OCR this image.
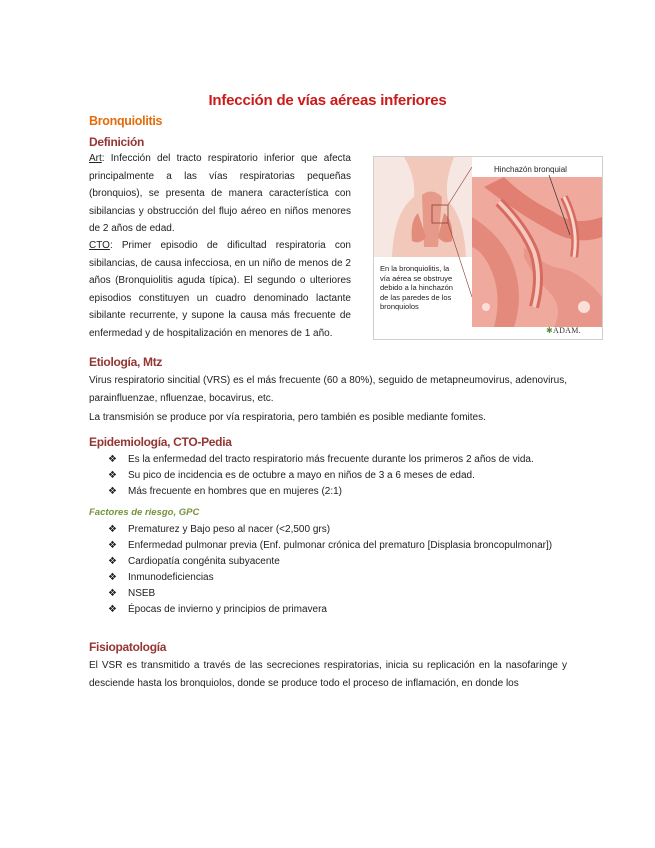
Infección de vías aéreas inferiores
Bronquiolitis
Definición
Art: Infección del tracto respiratorio inferior que afecta principalmente a las vías respiratorias pequeñas (bronquios), se presenta de manera característica con sibilancias y obstrucción del flujo aéreo en niños menores de 2 años de edad.
CTO: Primer episodio de dificultad respiratoria con sibilancias, de causa infecciosa, en un niño de menos de 2 años (Bronquiolitis aguda típica). El segundo o ulteriores episodios constituyen un cuadro denominado lactante sibilante recurrente, y supone la causa más frecuente de enfermedad y de hospitalización en menores de 1 año.
Hinchazón bronquial
En la bronquiolitis, la vía aérea se obstruye debido a la hinchazón de las paredes de los bronquiolos
✱ADAM.
Etiología, Mtz
Virus respiratorio sincitial (VRS) es el más frecuente (60 a 80%), seguido de metapneumovirus, adenovirus, parainfluenzae, nfluenzae, bocavirus, etc.
La transmisión se produce por vía respiratoria, pero también es posible mediante fomites.
Epidemiología, CTO-Pedia
❖ Es la enfermedad del tracto respiratorio más frecuente durante los primeros 2 años de vida.
❖ Su pico de incidencia es de octubre a mayo en niños de 3 a 6 meses de edad.
❖ Más frecuente en hombres que en mujeres (2:1)
Factores de riesgo, GPC
❖ Prematurez y Bajo peso al nacer (<2,500 grs)
❖ Enfermedad pulmonar previa (Enf. pulmonar crónica del prematuro [Displasia broncopulmonar])
❖ Cardiopatía congénita subyacente
❖ Inmunodeficiencias
❖ NSEB
❖ Épocas de invierno y principios de primavera
Fisiopatología
El VSR es transmitido a través de las secreciones respiratorias, inicia su replicación en la nasofaringe y desciende hasta los bronquiolos, donde se produce todo el proceso de inflamación, en donde los
